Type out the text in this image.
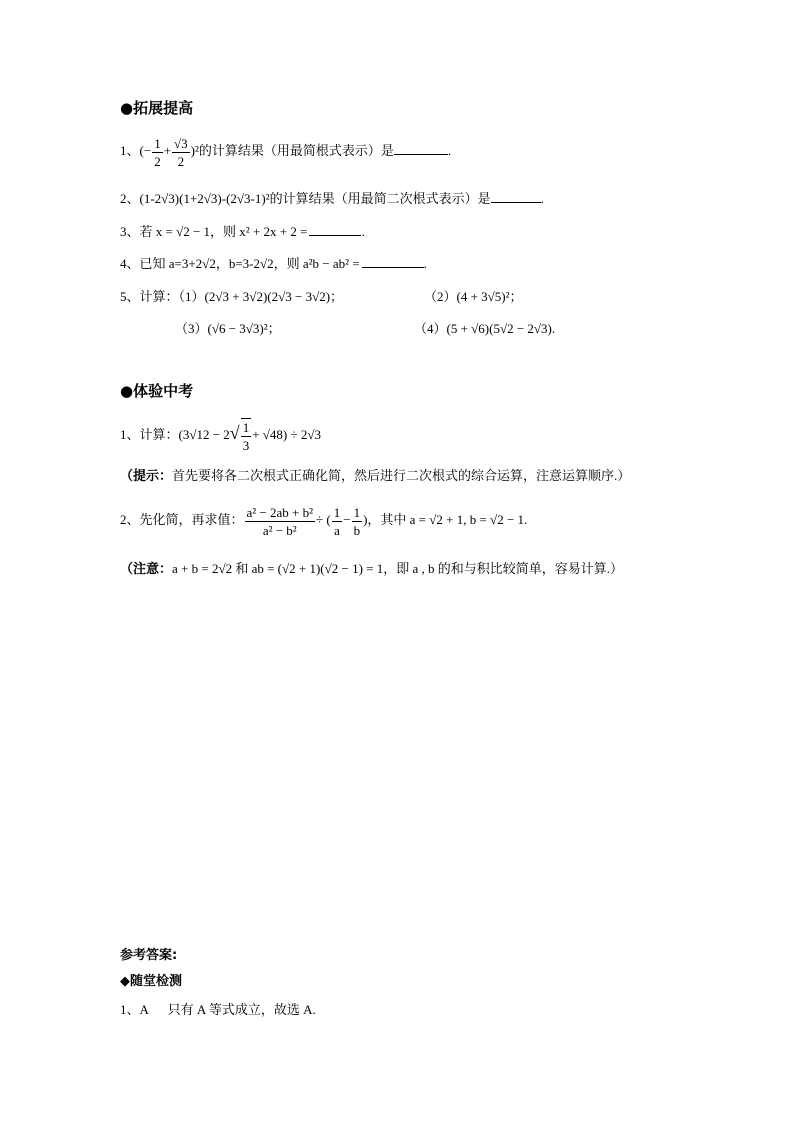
●拓展提高
1、(− $\frac{1}{2} + \frac{√3}{2} )^2$的计算结果（用最简根式表示）是	.
2、(1-2√3)(1+2√3)-(2√3-1)²的计算结果（用最简二次根式表示）是	.
3、若 x = √2 − 1，则 x² + 2x + 2 =	.
4、已知 a=3+2√2，b=3-2√2，则 a²b − ab² =	.
5、计算：（1）(2√3 + 3√2)(2√3 − 3√2)；	（2）(4 + 3√5)²；
（3）(√6 − 3√3)²；	（4）(5 + √6)(5√2 − 2√3).
●体验中考
1、计算：$(3√12 - 2√ \frac{1}{3} + √48) \div 2√3$
（提示：首先要将各二次根式正确化简，然后进行二次根式的综合运算，注意运算顺序.）
2、先化简，再求值： $\frac{\text{a² − 2ab + b²}}{\text{a² − b²}}$ ÷ ( $\frac{1}{a} - \frac{1}{b}$ )，其中 a = √2 + 1, b = √2 − 1.
（注意：a + b = 2√2 和 ab = (√2 + 1)(√2 − 1) = 1，即 a , b 的和与积比较简单，容易计算.）
参考答案:
◆随堂检测
1、A      只有 A 等式成立，故选 A.
